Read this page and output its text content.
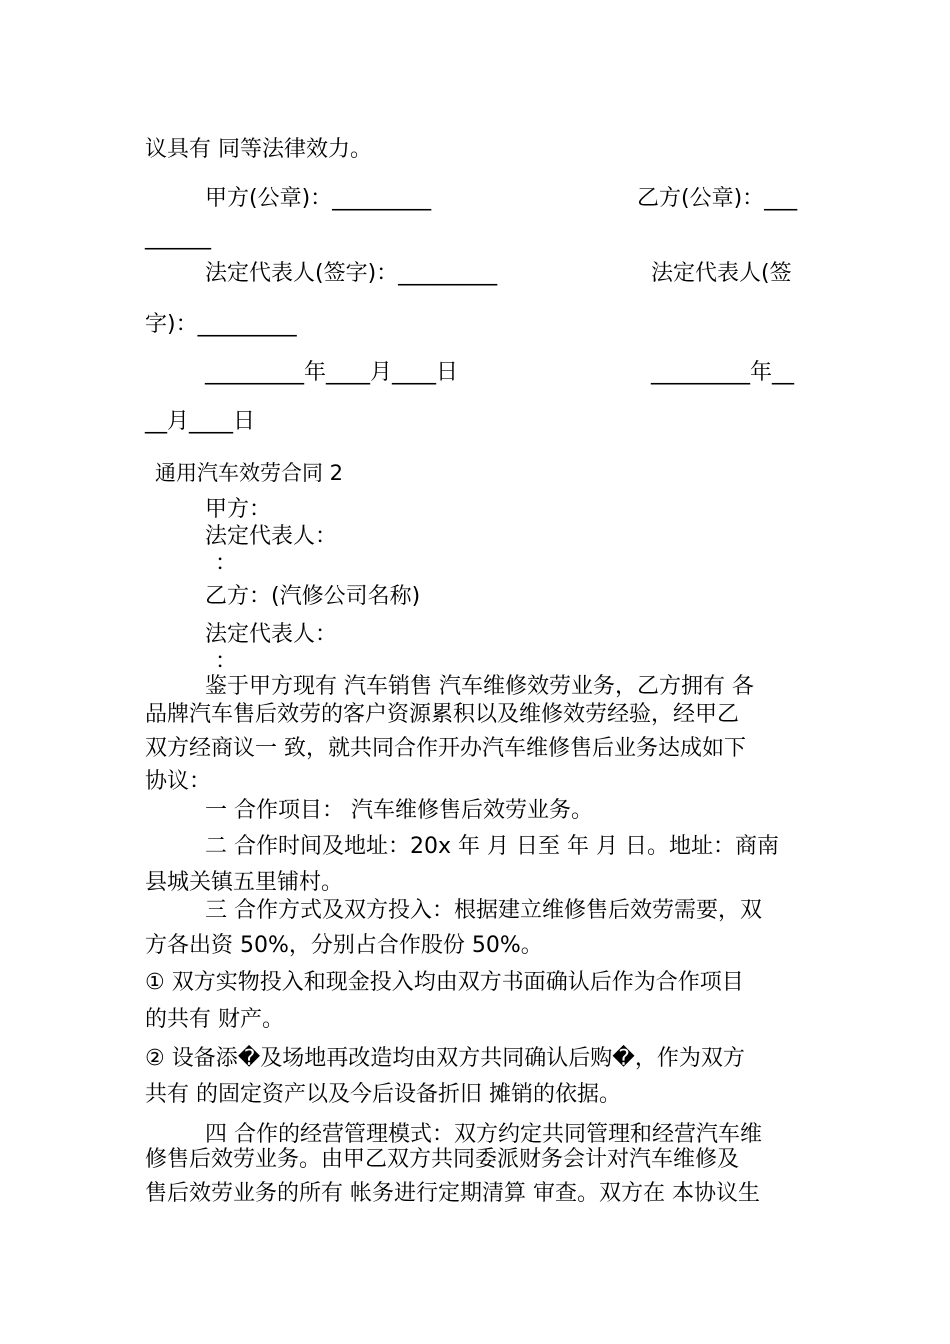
议具有 同等法律效力。
甲方(公章)：_________	乙方(公章)：___
______
法定代表人(签字)：_________	法定代表人(签
字)：_________
_________年____月____日	_________年__
__月____日
通用汽车效劳合同 2
甲方：
法定代表人：
：
乙方：(汽修公司名称)
法定代表人：
：
鉴于甲方现有 汽车销售 汽车维修效劳业务，乙方拥有 各
品牌汽车售后效劳的客户资源累积以及维修效劳经验，经甲乙
双方经商议一 致，就共同合作开办汽车维修售后业务达成如下
协议：
一 合作项目： 汽车维修售后效劳业务。
二 合作时间及地址：20x 年 月 日至 年 月 日。地址：商南
县城关镇五里铺村。
三 合作方式及双方投入：根据建立维修售后效劳需要，双
方各出资 50%，分别占合作股份 50%。
① 双方实物投入和现金投入均由双方书面确认后作为合作项目
的共有 财产。
② 设备添�及场地再改造均由双方共同确认后购�，作为双方
共有 的固定资产以及今后设备折旧 摊销的依据。
四 合作的经营管理模式：双方约定共同管理和经营汽车维
修售后效劳业务。由甲乙双方共同委派财务会计对汽车维修及
售后效劳业务的所有 帐务进行定期清算 审查。双方在 本协议生
